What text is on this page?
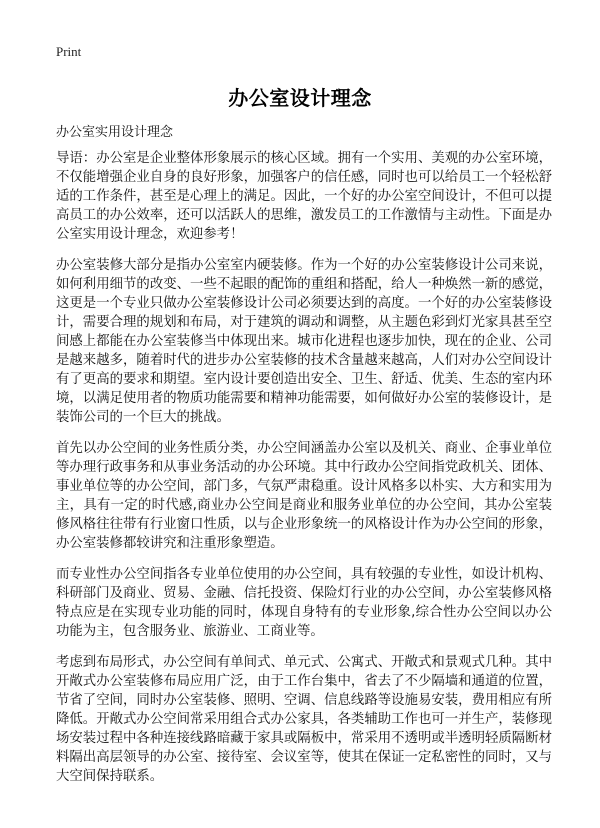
Print
办公室设计理念
办公室实用设计理念

导语：办公室是企业整体形象展示的核心区域。拥有一个实用、美观的办公室环境，不仅能增强企业自身的良好形象，加强客户的信任感，同时也可以给员工一个轻松舒适的工作条件，甚至是心理上的满足。因此，一个好的办公室空间设计，不但可以提高员工的办公效率，还可以活跃人的思维，激发员工的工作激情与主动性。下面是办公室实用设计理念，欢迎参考！

办公室装修大部分是指办公室室内硬装修。作为一个好的办公室装修设计公司来说，如何利用细节的改变、一些不起眼的配饰的重组和搭配，给人一种焕然一新的感觉，这更是一个专业只做办公室装修设计公司必须要达到的高度。一个好的办公室装修设计，需要合理的规划和布局，对于建筑的调动和调整，从主题色彩到灯光家具甚至空间感上都能在办公室装修当中体现出来。城市化进程也逐步加快，现在的企业、公司是越来越多，随着时代的进步办公室装修的技术含量越来越高，人们对办公空间设计有了更高的要求和期望。室内设计要创造出安全、卫生、舒适、优美、生态的室内环境，以满足使用者的物质功能需要和精神功能需要，如何做好办公室的装修设计，是装饰公司的一个巨大的挑战。

首先以办公空间的业务性质分类，办公空间涵盖办公室以及机关、商业、企事业单位等办理行政事务和从事业务活动的办公环境。其中行政办公空间指党政机关、团体、事业单位等的办公空间，部门多，气氛严肃稳重。设计风格多以朴实、大方和实用为主，具有一定的时代感,商业办公空间是商业和服务业单位的办公空间，其办公室装修风格往往带有行业窗口性质，以与企业形象统一的风格设计作为办公空间的形象，办公室装修都较讲究和注重形象塑造。

而专业性办公空间指各专业单位使用的办公空间，具有较强的专业性，如设计机构、科研部门及商业、贸易、金融、信托投资、保险灯行业的办公空间，办公室装修风格特点应是在实现专业功能的同时，体现自身特有的专业形象,综合性办公空间以办公功能为主，包含服务业、旅游业、工商业等。

考虑到布局形式，办公空间有单间式、单元式、公寓式、开敞式和景观式几种。其中开敞式办公室装修布局应用广泛，由于工作台集中，省去了不少隔墙和通道的位置，节省了空间，同时办公室装修、照明、空调、信息线路等设施易安装，费用相应有所降低。开敞式办公空间常采用组合式办公家具，各类辅助工作也可一并生产，装修现场安装过程中各种连接线路暗藏于家具或隔板中，常采用不透明或半透明轻质隔断材料隔出高层领导的办公室、接待室、会议室等，使其在保证一定私密性的同时，又与大空间保持联系。
